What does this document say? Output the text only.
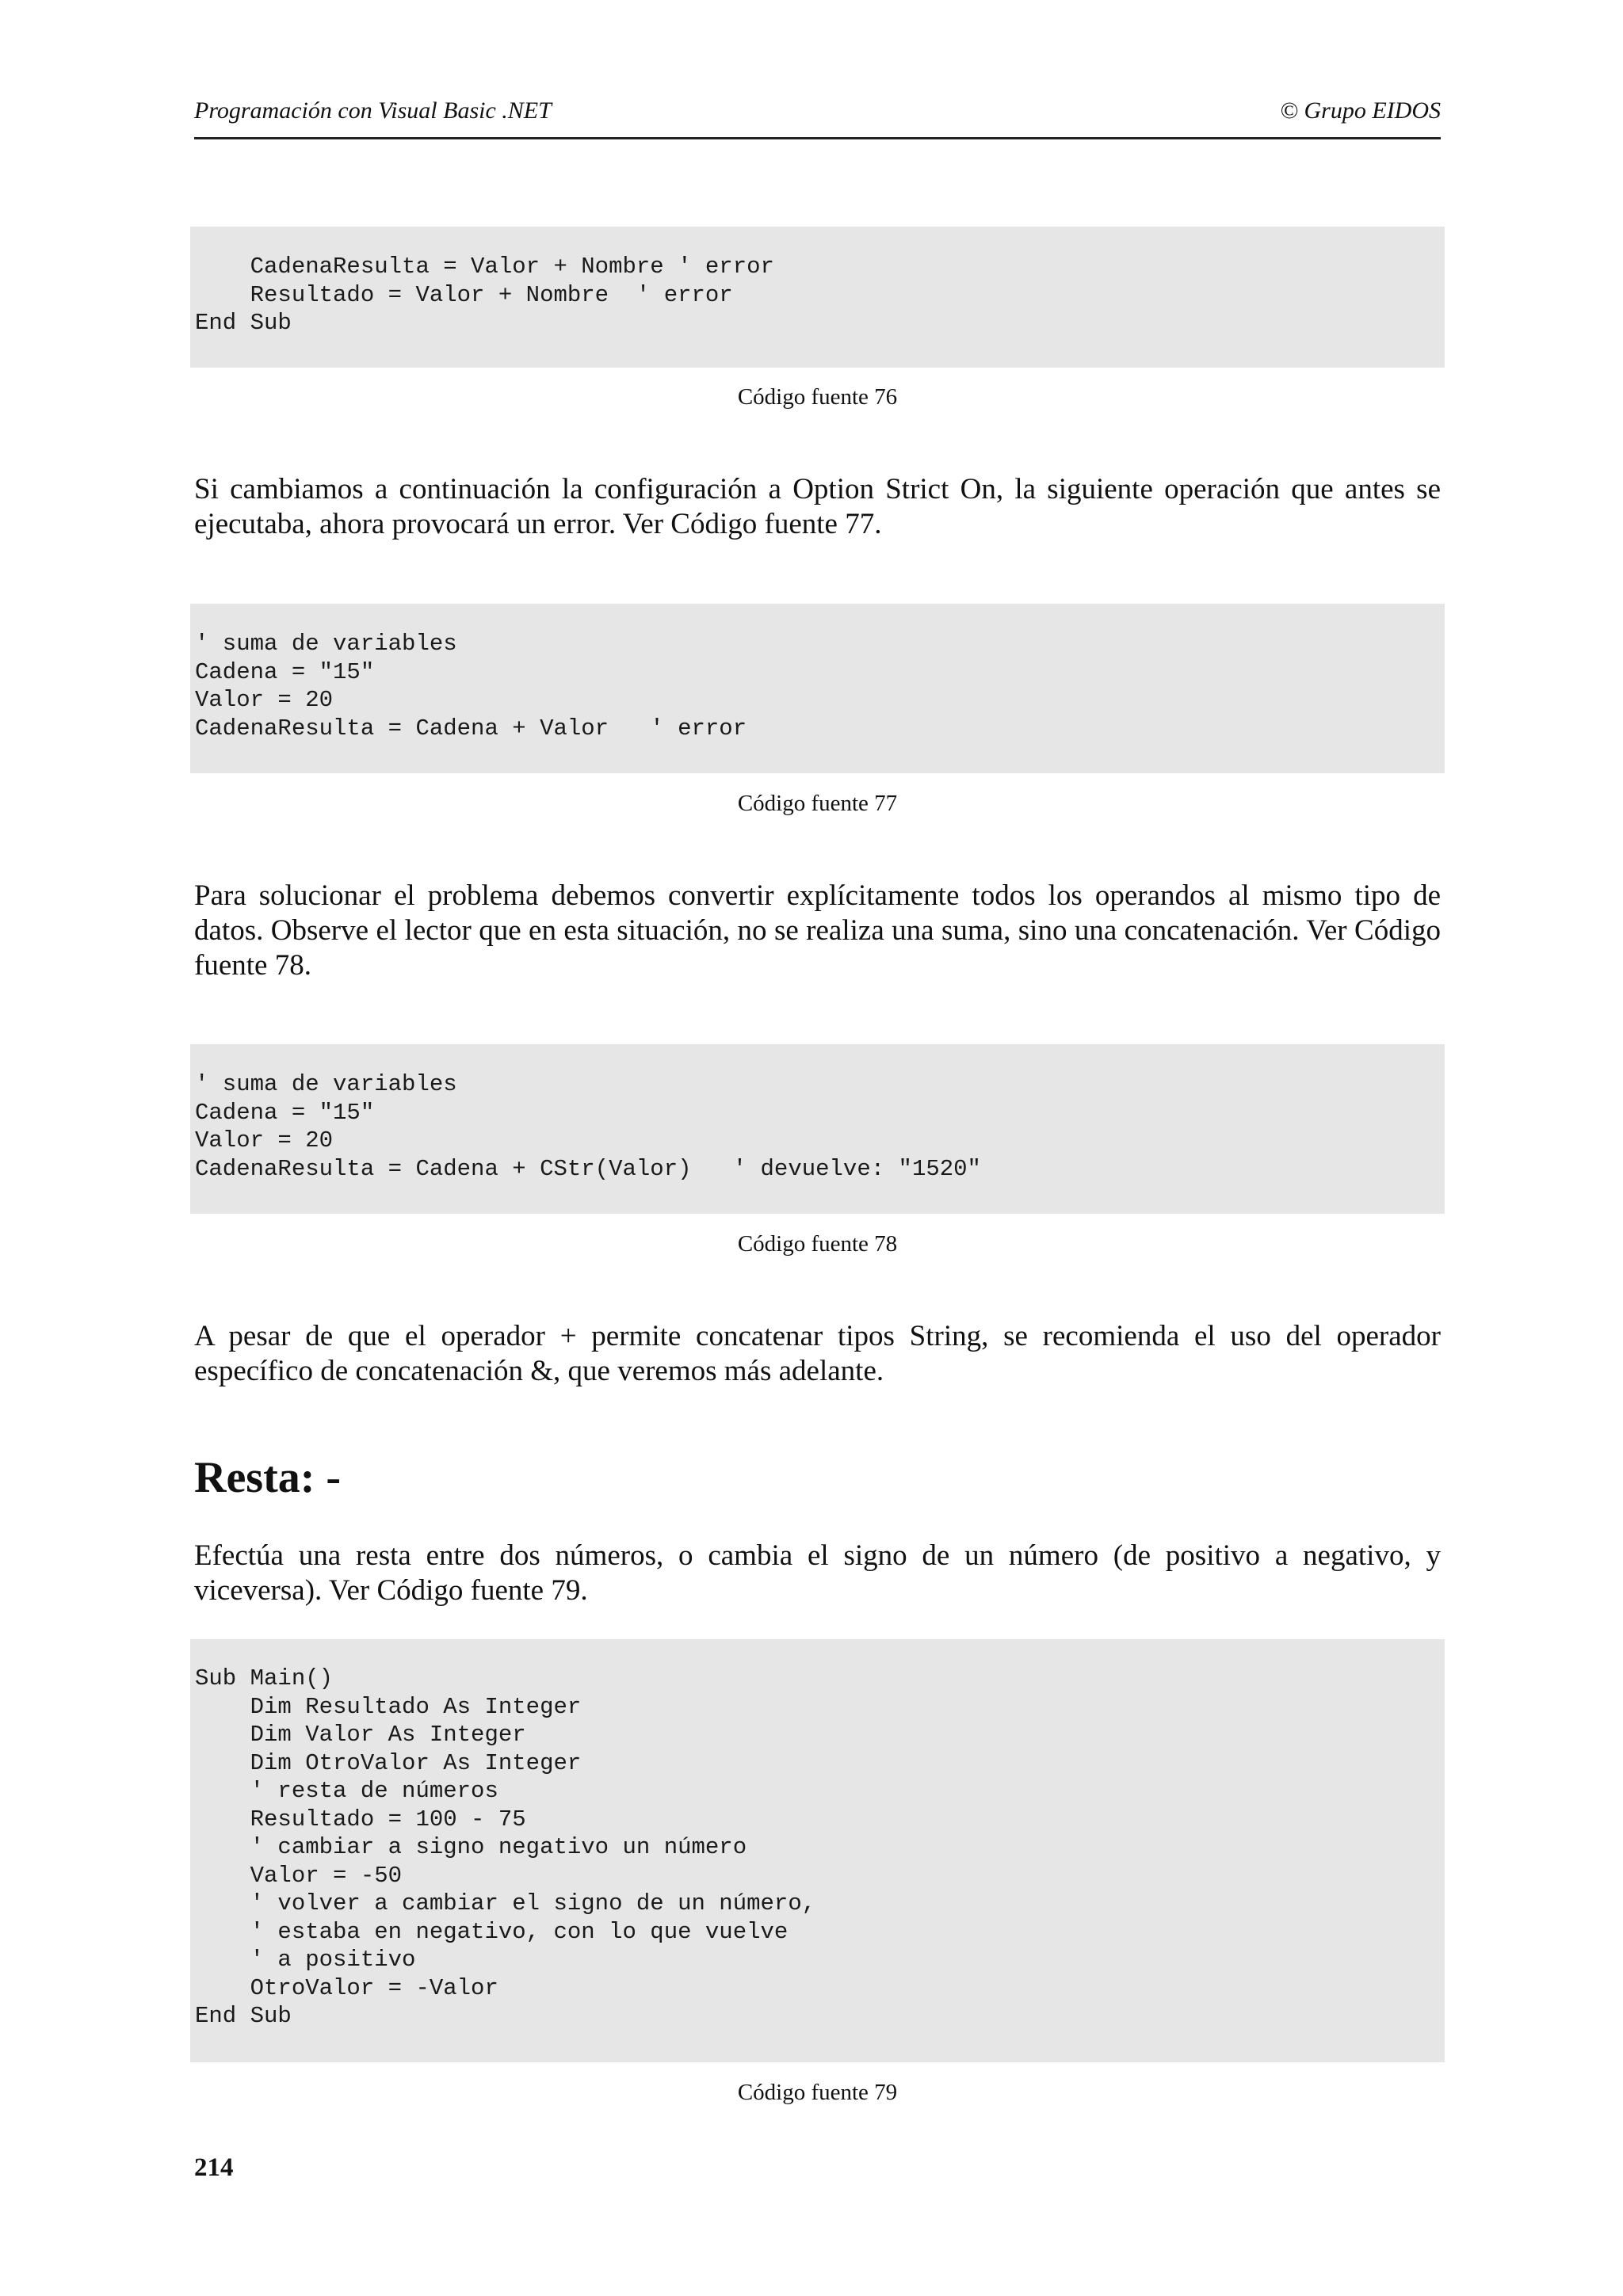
Programación con Visual Basic .NET	© Grupo EIDOS
CadenaResulta = Valor + Nombre ' error
Resultado = Valor + Nombre  ' error
End Sub
Código fuente 76

Si cambiamos a continuación la configuración a Option Strict On, la siguiente operación que antes se ejecutaba, ahora provocará un error. Ver Código fuente 77.

' suma de variables
Cadena = "15"
Valor = 20
CadenaResulta = Cadena + Valor   ' error
Código fuente 77

Para solucionar el problema debemos convertir explícitamente todos los operandos al mismo tipo de datos. Observe el lector que en esta situación, no se realiza una suma, sino una concatenación. Ver Código fuente 78.

' suma de variables
Cadena = "15"
Valor = 20
CadenaResulta = Cadena + CStr(Valor)   ' devuelve: "1520"
Código fuente 78

A pesar de que el operador + permite concatenar tipos String, se recomienda el uso del operador específico de concatenación &, que veremos más adelante.

Resta: -

Efectúa una resta entre dos números, o cambia el signo de un número (de positivo a negativo, y viceversa). Ver Código fuente 79.

Sub Main()
Dim Resultado As Integer
Dim Valor As Integer
Dim OtroValor As Integer
' resta de números
Resultado = 100 - 75
' cambiar a signo negativo un número
Valor = -50
' volver a cambiar el signo de un número,
' estaba en negativo, con lo que vuelve
' a positivo
OtroValor = -Valor
End Sub
Código fuente 79
214
